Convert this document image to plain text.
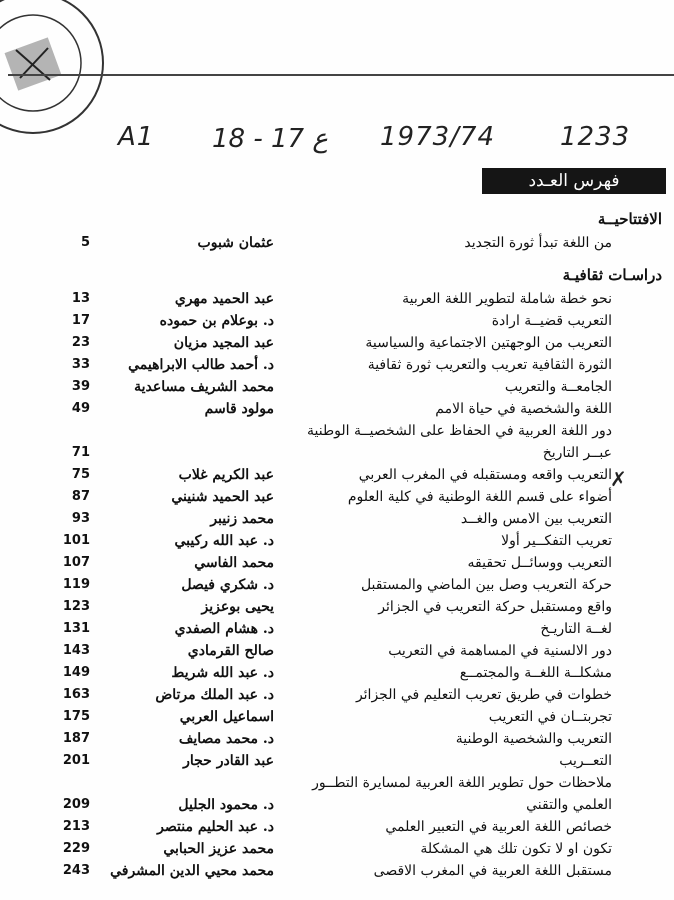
A1 18 - 17 ع 1973/74 1233
فهرس العـدد
الافتتاحيــة
دراسـات ثقافيـة
✗
من اللغة تبدأ ثورة التجديد
عثمان شبوب
5
نحو خطة شاملة لتطوير اللغة العربية
عبد الحميد مهري
13
التعريب قضيــة ارادة
د. بوعلام بن حموده
17
التعريب من الوجهتين الاجتماعية والسياسية
عبد المجيد مزيان
23
الثورة الثقافية تعريب والتعريب ثورة ثقافية
د. أحمد طالب الابراهيمي
33
الجامعــة والتعريب
محمد الشريف مساعدية
39
اللغة والشخصية في حياة الامم
مولود قاسم
49
دور اللغة العربية في الحفاظ على الشخصيــة الوطنية
عبــر التاريخ
71
التعريب واقعه ومستقبله في المغرب العربي
عبد الكريم غلاب
75
أضواء على قسم اللغة الوطنية في كلية العلوم
عبد الحميد شنيني
87
التعريب بين الامس والغــد
محمد زنيبر
93
تعريب التفكــير أولا
د. عبد الله ركيبي
101
التعريب ووسائــل تحقيقه
محمد الفاسي
107
حركة التعريب وصل بين الماضي والمستقبل
د. شكري فيصل
119
واقع ومستقبل حركة التعريب في الجزائر
يحيى بوعزيز
123
لغــة التاريـخ
د. هشام الصفدي
131
دور الالسنية في المساهمة في التعريب
صالح القرمادي
143
مشكلــة اللغــة والمجتمــع
د. عبد الله شريط
149
خطوات في طريق تعريب التعليم في الجزائر
د. عبد الملك مرتاض
163
تجربتــان في التعريب
اسماعيل العربي
175
التعريب والشخصية الوطنية
د. محمد مصايف
187
التعــريب
عبد القادر حجار
201
ملاحظات حول تطوير اللغة العربية لمسايرة التطــور
العلمي والتقني
د. محمود الجليل
209
خصائص اللغة العربية في التعبير العلمي
د. عبد الحليم منتصر
213
تكون او لا تكون تلك هي المشكلة
محمد عزيز الحبابي
229
مستقبل اللغة العربية في المغرب الاقصى
محمد محيي الدين المشرفي
243
